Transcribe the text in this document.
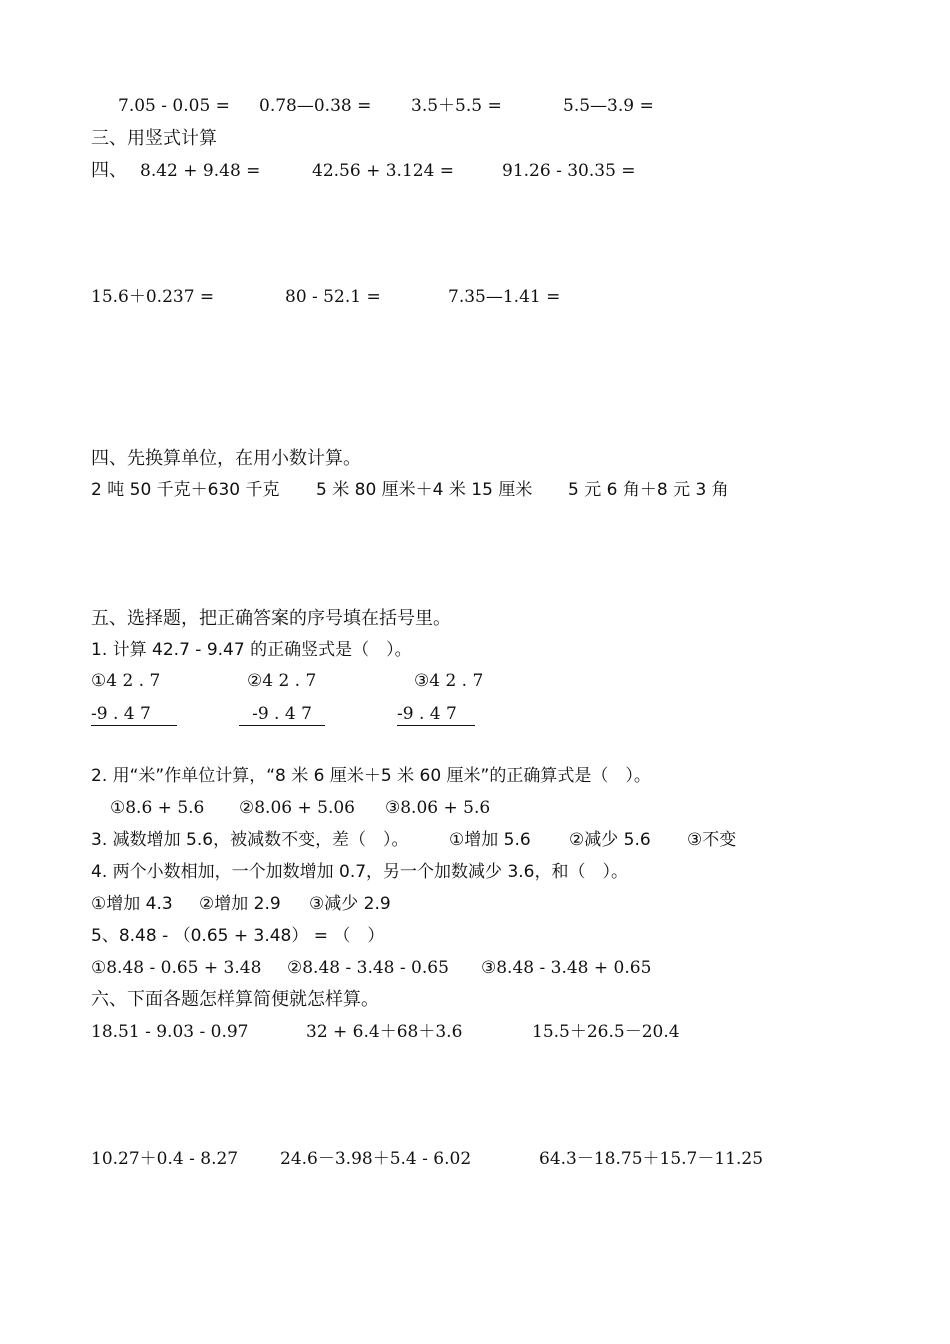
7.05 - 0.05 = 0.78—0.38 = 3.5＋5.5 =	5.5—3.9 =
三、用竖式计算
四、 8.42 + 9.48 =	42.56 + 3.124 =	91.26 - 30.35 =
15.6＋0.237 =	80 - 52.1 =	7.35—1.41 =
四、先换算单位，在用小数计算。
2 吨 50 千克＋630 千克 5 米 80 厘米＋4 米 15 厘米 5 元 6 角＋8 元 3 角
五、选择题，把正确答案的序号填在括号里。
1. 计算 42.7 - 9.47 的正确竖式是（　）。
①4 2 . 7	②4 2 . 7	③4 2 . 7
-9 . 4 7	-9 . 4 7	-9 . 4 7
2. 用“米”作单位计算，“8 米 6 厘米＋5 米 60 厘米”的正确算式是（　）。
①8.6 + 5.6 ②8.06 + 5.06 ③8.06 + 5.6
3. 减数增加 5.6，被减数不变，差（　）。 ①增加 5.6 ②减少 5.6 ③不变
4. 两个小数相加，一个加数增加 0.7，另一个加数减少 3.6，和（　）。
①增加 4.3 ②增加 2.9 ③减少 2.9
5、8.48 - （0.65 + 3.48） = （　）
①8.48 - 0.65 + 3.48 ②8.48 - 3.48 - 0.65 ③8.48 - 3.48 + 0.65
六、下面各题怎样算简便就怎样算。
18.51 - 9.03 - 0.97	32 + 6.4＋68＋3.6	15.5＋26.5－20.4
10.27＋0.4 - 8.27 24.6－3.98＋5.4 - 6.02	64.3－18.75＋15.7－11.25
